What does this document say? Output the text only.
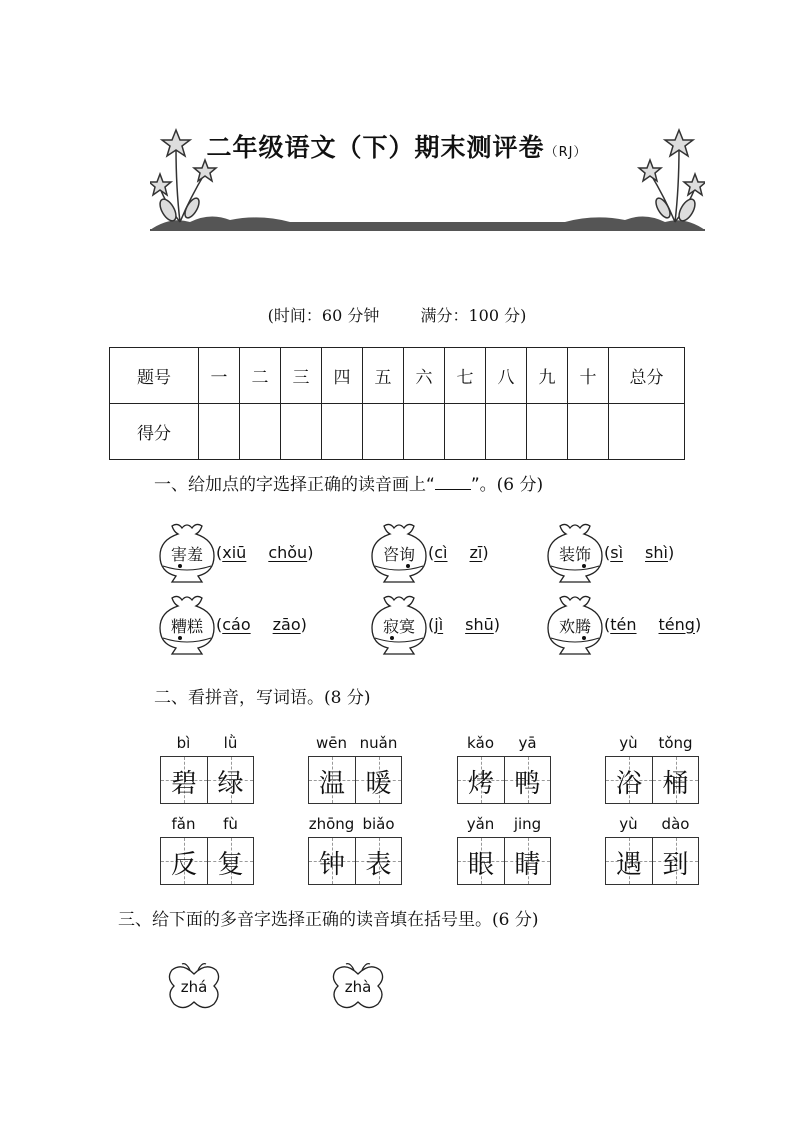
二年级语文（下）期末测评卷（RJ）
(时间：60 分钟	满分：100 分)
题号	一	二	三	四	五	六	七	八	九	十	总分
得分											
一、给加点的字选择正确的读音画上“ ”。(6 分)
害羞 (xiū chǒu)	咨询 (cì zī)	装饰 (sì shì)
糟糕 (cáo zāo)	寂寞 (jì shū)	欢腾 (tén téng)
二、看拼音，写词语。(8 分)
bì	lǜ
碧 绿
wēn nuǎn
温 暖
kǎo	yā
烤 鸭
yù	tǒng
浴 桶
fǎn	fù
反 复
zhōng biǎo
钟 表
yǎn	jing
眼 睛
yù	dào
遇 到
三、给下面的多音字选择正确的读音填在括号里。(6 分)
zhá	zhà
